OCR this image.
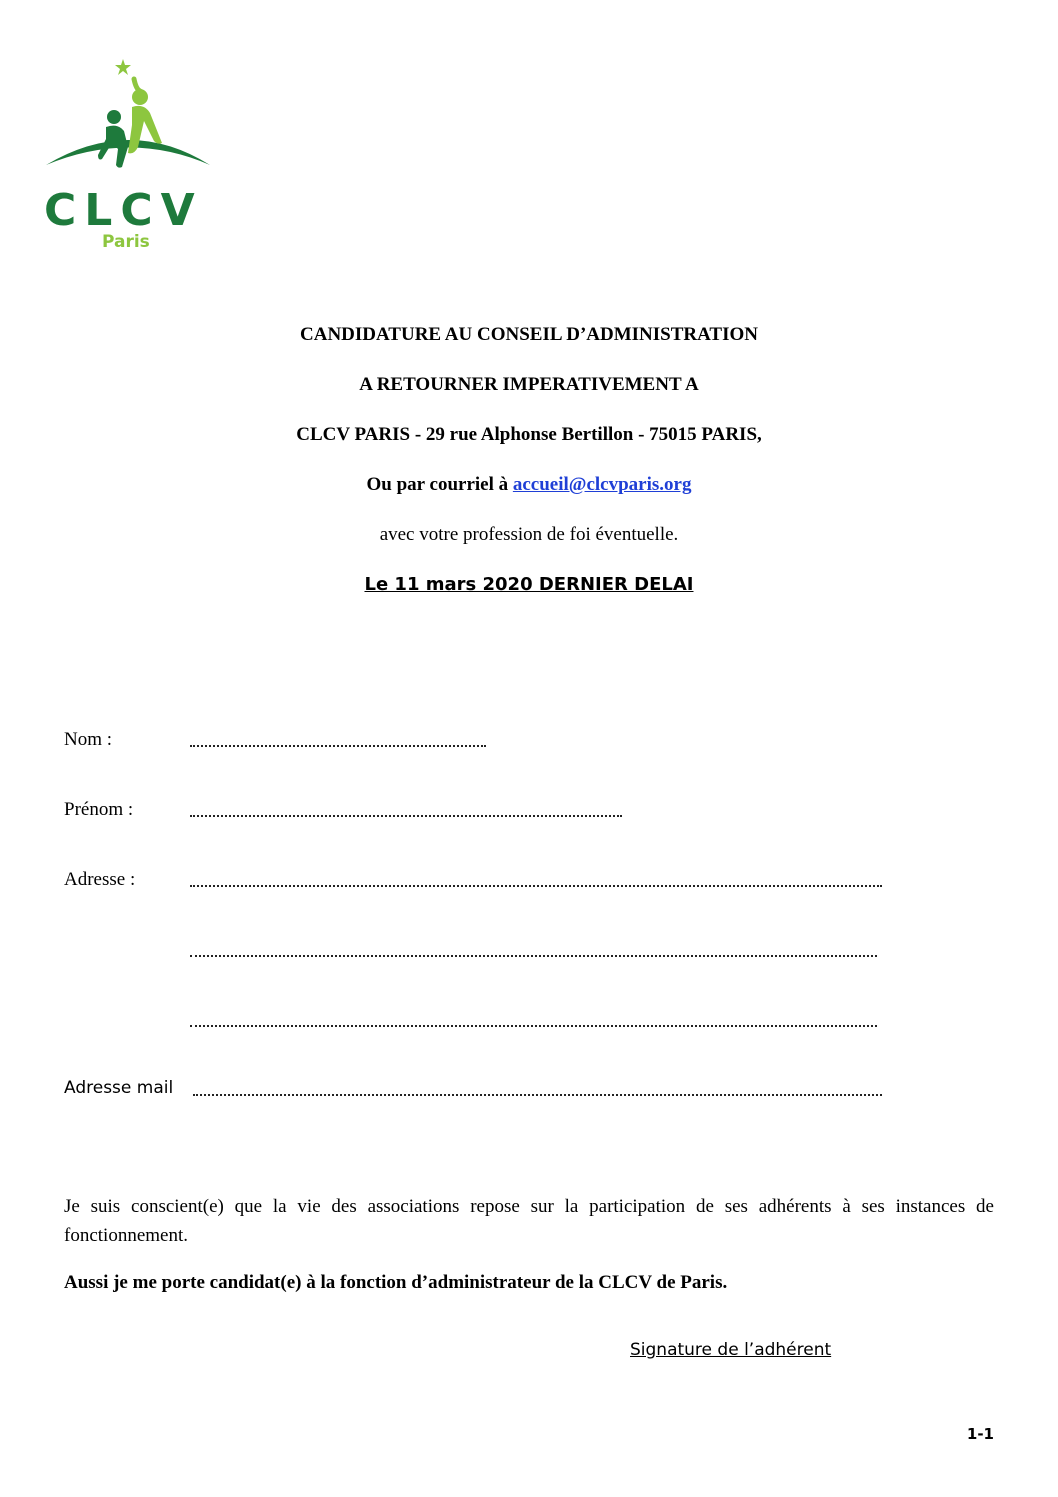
CLCV
Paris
CANDIDATURE AU CONSEIL D’ADMINISTRATION
A RETOURNER IMPERATIVEMENT A
CLCV PARIS - 29 rue Alphonse Bertillon - 75015 PARIS,
Ou par courriel à accueil@clcvparis.org
avec votre profession de foi éventuelle.
Le 11 mars 2020 DERNIER DELAI
Nom :
Prénom :
Adresse :
Adresse mail
Je suis conscient(e) que la vie des associations repose sur la participation de ses adhérents à ses instances de fonctionnement.
Aussi je me porte candidat(e) à la fonction d’administrateur de la CLCV de Paris.
Signature de l’adhérent
1-1
